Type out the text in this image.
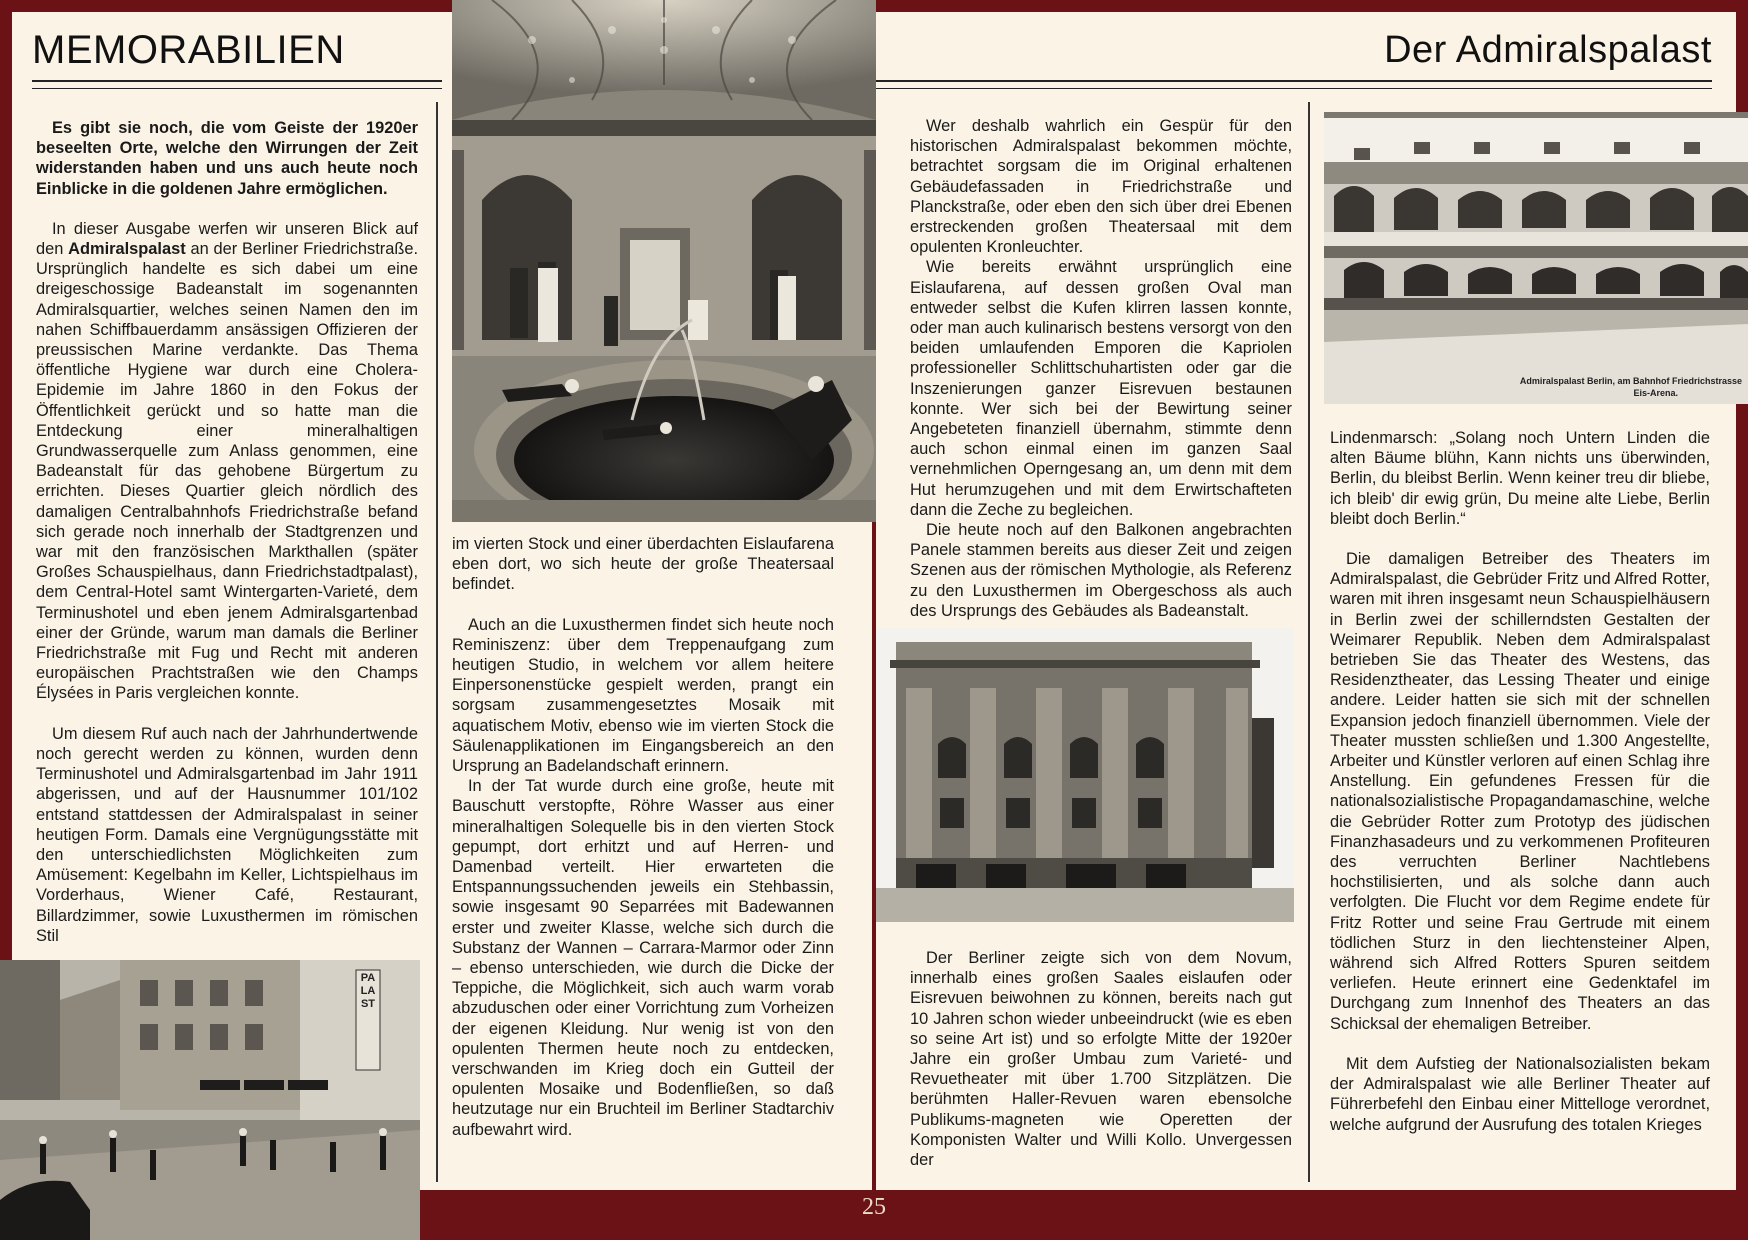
MEMORABILIEN	Der Admiralspalast
Admiralspalast Berlin, am Bahnhof Friedrichstrasse
Eis-Arena.
PALAST

Es gibt sie noch, die vom Geiste der 1920er beseelten Orte, welche den Wirrungen der Zeit widerstanden haben und uns auch heute noch Einblicke in die goldenen Jahre ermöglichen.

In dieser Ausgabe werfen wir unseren Blick auf den Admiralspalast an der Berliner Friedrichstraße. Ursprünglich handelte es sich dabei um eine dreigeschossige Badeanstalt im sogenannten Admiralsquartier, welches seinen Namen den im nahen Schiffbauerdamm ansässigen Offizieren der preussischen Marine verdankte. Das Thema öffentliche Hygiene war durch eine Cholera-Epidemie im Jahre 1860 in den Fokus der Öffentlichkeit gerückt und so hatte man die Entdeckung einer mineralhaltigen Grundwasserquelle zum Anlass genommen, eine Badeanstalt für das gehobene Bürgertum zu errichten. Dieses Quartier gleich nördlich des damaligen Centralbahnhofs Friedrichstraße befand sich gerade noch innerhalb der Stadtgrenzen und war mit den französischen Markthallen (später Großes Schauspielhaus, dann Friedrichstadtpalast), dem Central-Hotel samt Wintergarten-Varieté, dem Terminushotel und eben jenem Admiralsgartenbad einer der Gründe, warum man damals die Berliner Friedrichstraße mit Fug und Recht mit anderen europäischen Prachtstraßen wie den Champs Élysées in Paris vergleichen konnte.

Um diesem Ruf auch nach der Jahrhundertwende noch gerecht werden zu können, wurden denn Terminushotel und Admiralsgartenbad im Jahr 1911 abgerissen, und auf der Hausnummer 101/102 entstand stattdessen der Admiralspalast in seiner heutigen Form. Damals eine Vergnügungsstätte mit den unterschiedlichsten Möglichkeiten zum Amüsement: Kegelbahn im Keller, Lichtspielhaus im Vorderhaus, Wiener Café, Restaurant, Billardzimmer, sowie Luxusthermen im römischen Stil

im vierten Stock und einer überdachten Eislaufarena eben dort, wo sich heute der große Theatersaal befindet.

Auch an die Luxusthermen findet sich heute noch Reminiszenz: über dem Treppenaufgang zum heutigen Studio, in welchem vor allem heitere Einpersonenstücke gespielt werden, prangt ein sorgsam zusammengesetztes Mosaik mit aquatischem Motiv, ebenso wie im vierten Stock die Säulenapplikationen im Eingangsbereich an den Ursprung an Badelandschaft erinnern.

In der Tat wurde durch eine große, heute mit Bauschutt verstopfte, Röhre Wasser aus einer mineralhaltigen Solequelle bis in den vierten Stock gepumpt, dort erhitzt und auf Herren- und Damenbad verteilt. Hier erwarteten die Entspannungssuchenden jeweils ein Stehbassin, sowie insgesamt 90 Separrées mit Badewannen erster und zweiter Klasse, welche sich durch die Substanz der Wannen – Carrara-Marmor oder Zinn – ebenso unterschieden, wie durch die Dicke der Teppiche, die Möglichkeit, sich auch warm vorab abzuduschen oder einer Vorrichtung zum Vorheizen der eigenen Kleidung. Nur wenig ist von den opulenten Thermen heute noch zu entdecken, verschwanden im Krieg doch ein Gutteil der opulenten Mosaike und Bodenfließen, so daß heutzutage nur ein Bruchteil im Berliner Stadtarchiv aufbewahrt wird.

Wer deshalb wahrlich ein Gespür für den historischen Admiralspalast bekommen möchte, betrachtet sorgsam die im Original erhaltenen Gebäudefassaden in Friedrichstraße und Planckstraße, oder eben den sich über drei Ebenen erstreckenden großen Theatersaal mit dem opulenten Kronleuchter.

Wie bereits erwähnt ursprünglich eine Eislaufarena, auf dessen großen Oval man entweder selbst die Kufen klirren lassen konnte, oder man auch kulinarisch bestens versorgt von den beiden umlaufenden Emporen die Kapriolen professioneller Schlittschuhartisten oder gar die Inszenierungen ganzer Eisrevuen bestaunen konnte. Wer sich bei der Bewirtung seiner Angebeteten finanziell übernahm, stimmte denn auch schon einmal einen im ganzen Saal vernehmlichen Operngesang an, um denn mit dem Hut herumzugehen und mit dem Erwirtschafteten dann die Zeche zu begleichen.

Die heute noch auf den Balkonen angebrachten Panele stammen bereits aus dieser Zeit und zeigen Szenen aus der römischen Mythologie, als Referenz zu den Luxusthermen im Obergeschoss als auch des Ursprungs des Gebäudes als Badeanstalt.

Der Berliner zeigte sich von dem Novum, innerhalb eines großen Saales eislaufen oder Eisrevuen beiwohnen zu können, bereits nach gut 10 Jahren schon wieder unbeeindruckt (wie es eben so seine Art ist) und so erfolgte Mitte der 1920er Jahre ein großer Umbau zum Varieté- und Revuetheater mit über 1.700 Sitzplätzen. Die berühmten Haller-Revuen waren ebensolche Publikums-magneten wie Operetten der Komponisten Walter und Willi Kollo. Unvergessen der

Lindenmarsch: „Solang noch Untern Linden die alten Bäume blühn, Kann nichts uns überwinden, Berlin, du bleibst Berlin. Wenn keiner treu dir bliebe, ich bleib' dir ewig grün, Du meine alte Liebe, Berlin bleibt doch Berlin.“

Die damaligen Betreiber des Theaters im Admiralspalast, die Gebrüder Fritz und Alfred Rotter, waren mit ihren insgesamt neun Schauspielhäusern in Berlin zwei der schillerndsten Gestalten der Weimarer Republik. Neben dem Admiralspalast betrieben Sie das Theater des Westens, das Residenztheater, das Lessing Theater und einige andere. Leider hatten sie sich mit der schnellen Expansion jedoch finanziell übernommen. Viele der Theater mussten schließen und 1.300 Angestellte, Arbeiter und Künstler verloren auf einen Schlag ihre Anstellung. Ein gefundenes Fressen für die nationalsozialistische Propagandamaschine, welche die Gebrüder Rotter zum Prototyp des jüdischen Finanzhasadeurs und zu verkommenen Profiteuren des verruchten Berliner Nachtlebens hochstilisierten, und als solche dann auch verfolgten. Die Flucht vor dem Regime endete für Fritz Rotter und seine Frau Gertrude mit einem tödlichen Sturz in den liechtensteiner Alpen, während sich Alfred Rotters Spuren seitdem verliefen. Heute erinnert eine Gedenktafel im Durchgang zum Innenhof des Theaters an das Schicksal der ehemaligen Betreiber.

Mit dem Aufstieg der Nationalsozialisten bekam der Admiralspalast wie alle Berliner Theater auf Führerbefehl den Einbau einer Mittelloge verordnet, welche aufgrund der Ausrufung des totalen Krieges

25
